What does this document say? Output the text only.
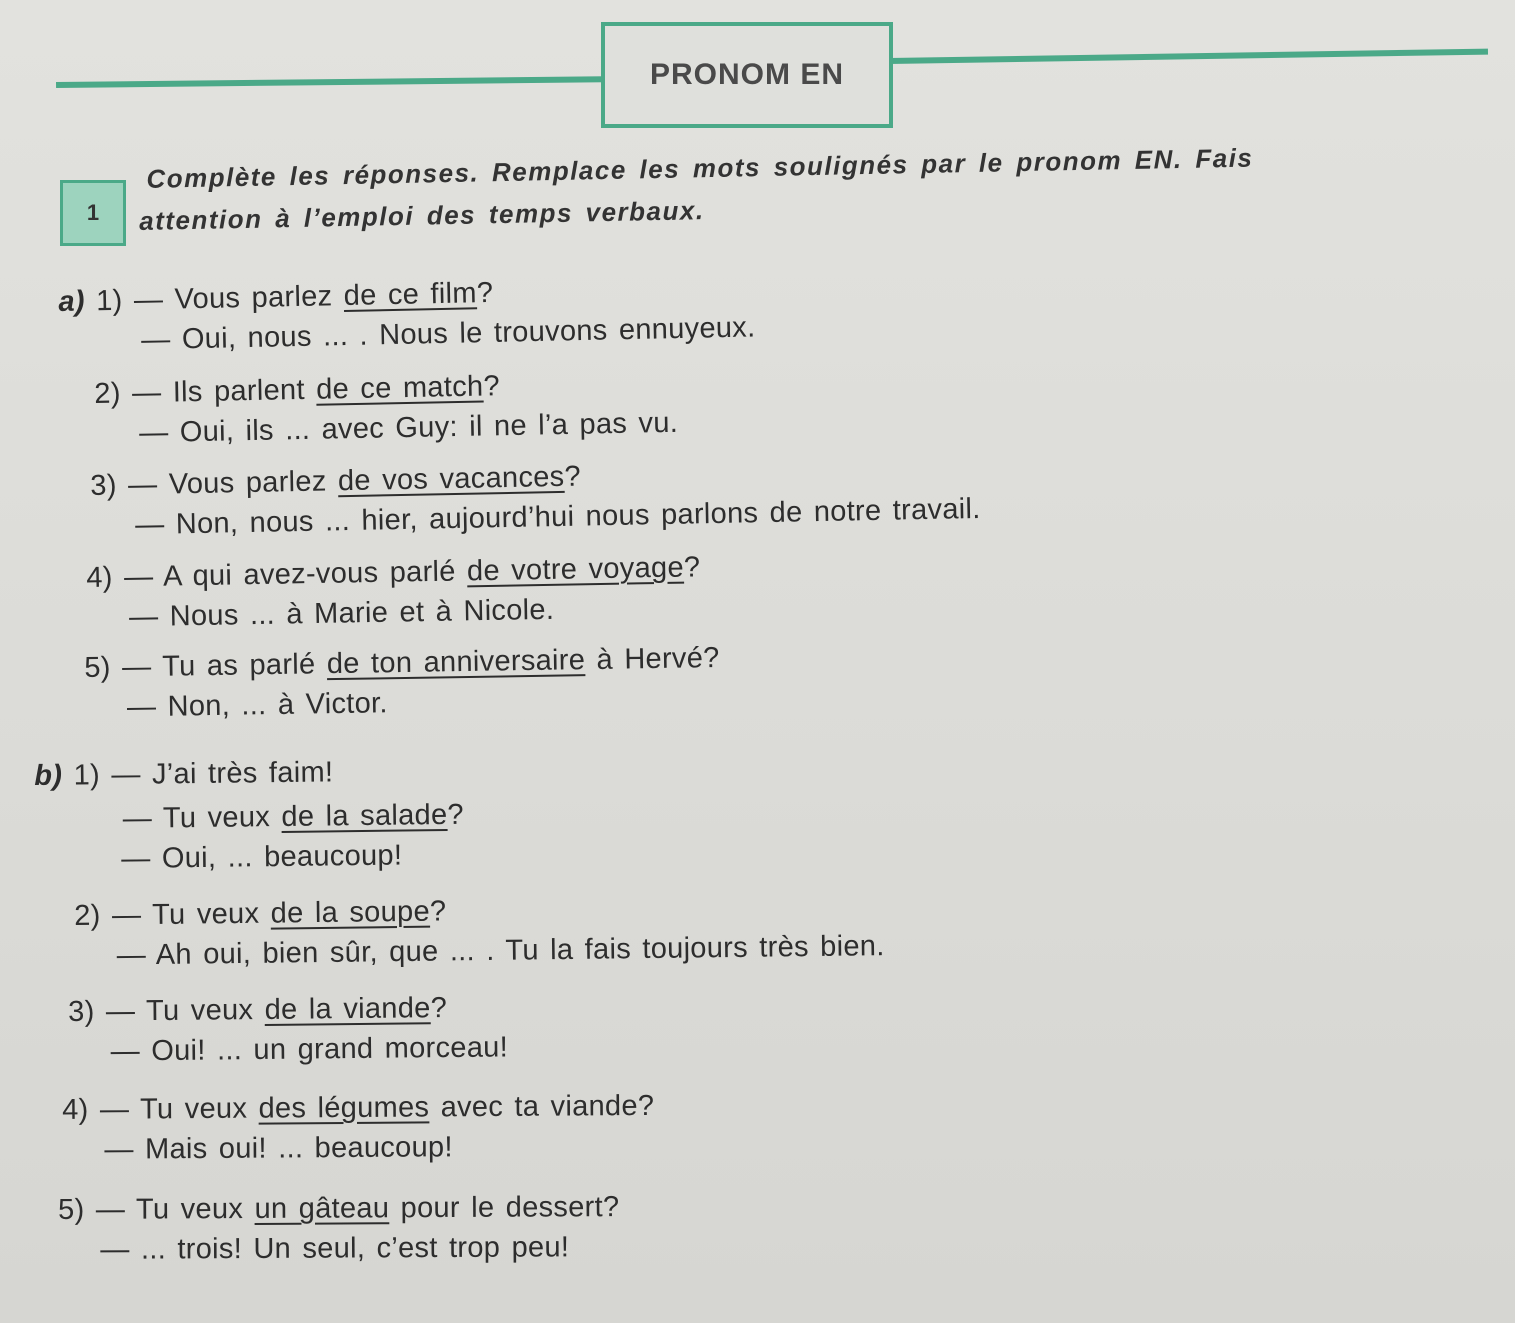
PRONOM EN
1
Complète les réponses. Remplace les mots soulignés par le pronom EN. Fais
attention à l’emploi des temps verbaux.
a) 1) — Vous parlez de ce film?
— Oui, nous ... . Nous le trouvons ennuyeux.
2) — Ils parlent de ce match?
— Oui, ils ... avec Guy: il ne l’a pas vu.
3) — Vous parlez de vos vacances?
— Non, nous ... hier, aujourd’hui nous parlons de notre travail.
4) — A qui avez-vous parlé de votre voyage?
— Nous ... à Marie et à Nicole.
5) — Tu as parlé de ton anniversaire à Hervé?
— Non, ... à Victor.
b) 1) — J’ai très faim!
— Tu veux de la salade?
— Oui, ... beaucoup!
2) — Tu veux de la soupe?
— Ah oui, bien sûr, que ... . Tu la fais toujours très bien.
3) — Tu veux de la viande?
— Oui! ... un grand morceau!
4) — Tu veux des légumes avec ta viande?
— Mais oui! ... beaucoup!
5) — Tu veux un gâteau pour le dessert?
— ... trois! Un seul, c’est trop peu!
